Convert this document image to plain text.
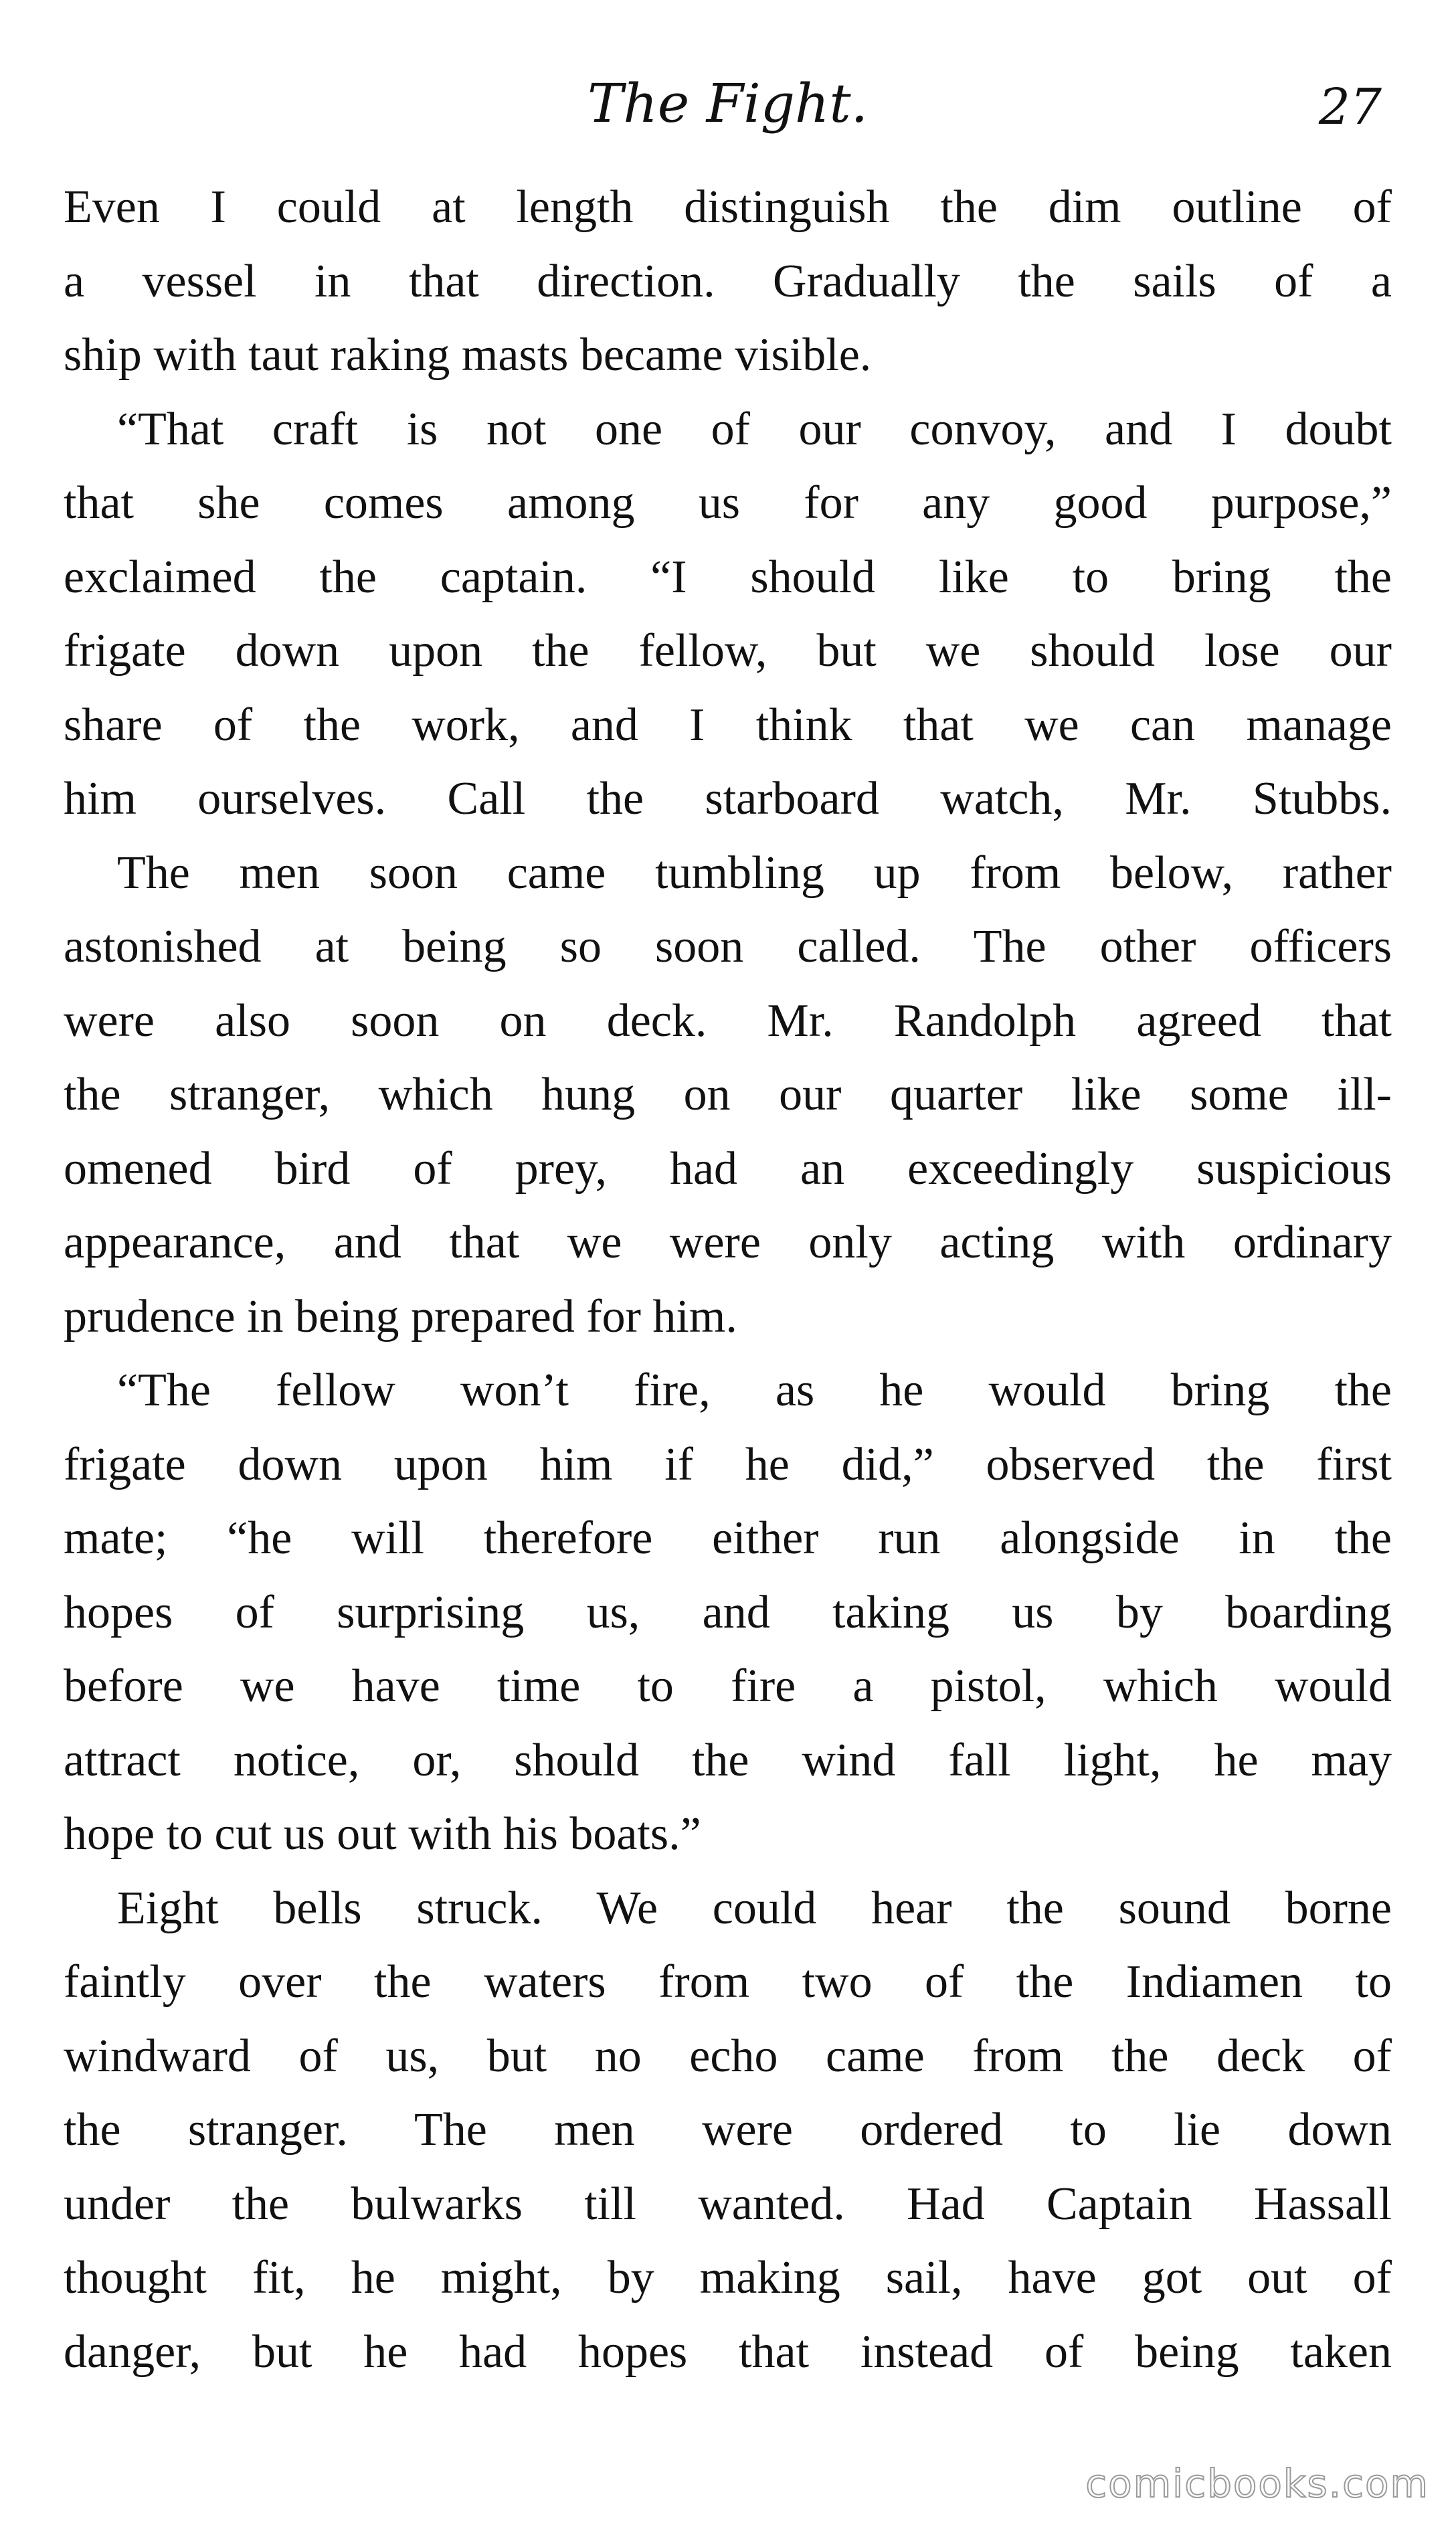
The Fight.	27
Even I could at length distinguish the dim outline of
a vessel in that direction. Gradually the sails of a
ship with taut raking masts became visible.
“That craft is not one of our convoy, and I doubt
that she comes among us for any good purpose,”
exclaimed the captain. “I should like to bring the
frigate down upon the fellow, but we should lose our
share of the work, and I think that we can manage
him ourselves. Call the starboard watch, Mr. Stubbs.
The men soon came tumbling up from below, rather
astonished at being so soon called. The other officers
were also soon on deck. Mr. Randolph agreed that
the stranger, which hung on our quarter like some ill-
omened bird of prey, had an exceedingly suspicious
appearance, and that we were only acting with ordinary
prudence in being prepared for him.
“The fellow won’t fire, as he would bring the
frigate down upon him if he did,” observed the first
mate; “he will therefore either run alongside in the
hopes of surprising us, and taking us by boarding
before we have time to fire a pistol, which would
attract notice, or, should the wind fall light, he may
hope to cut us out with his boats.”
Eight bells struck. We could hear the sound borne
faintly over the waters from two of the Indiamen to
windward of us, but no echo came from the deck of
the stranger. The men were ordered to lie down
under the bulwarks till wanted. Had Captain Hassall
thought fit, he might, by making sail, have got out of
danger, but he had hopes that instead of being taken
comicbooks.com
